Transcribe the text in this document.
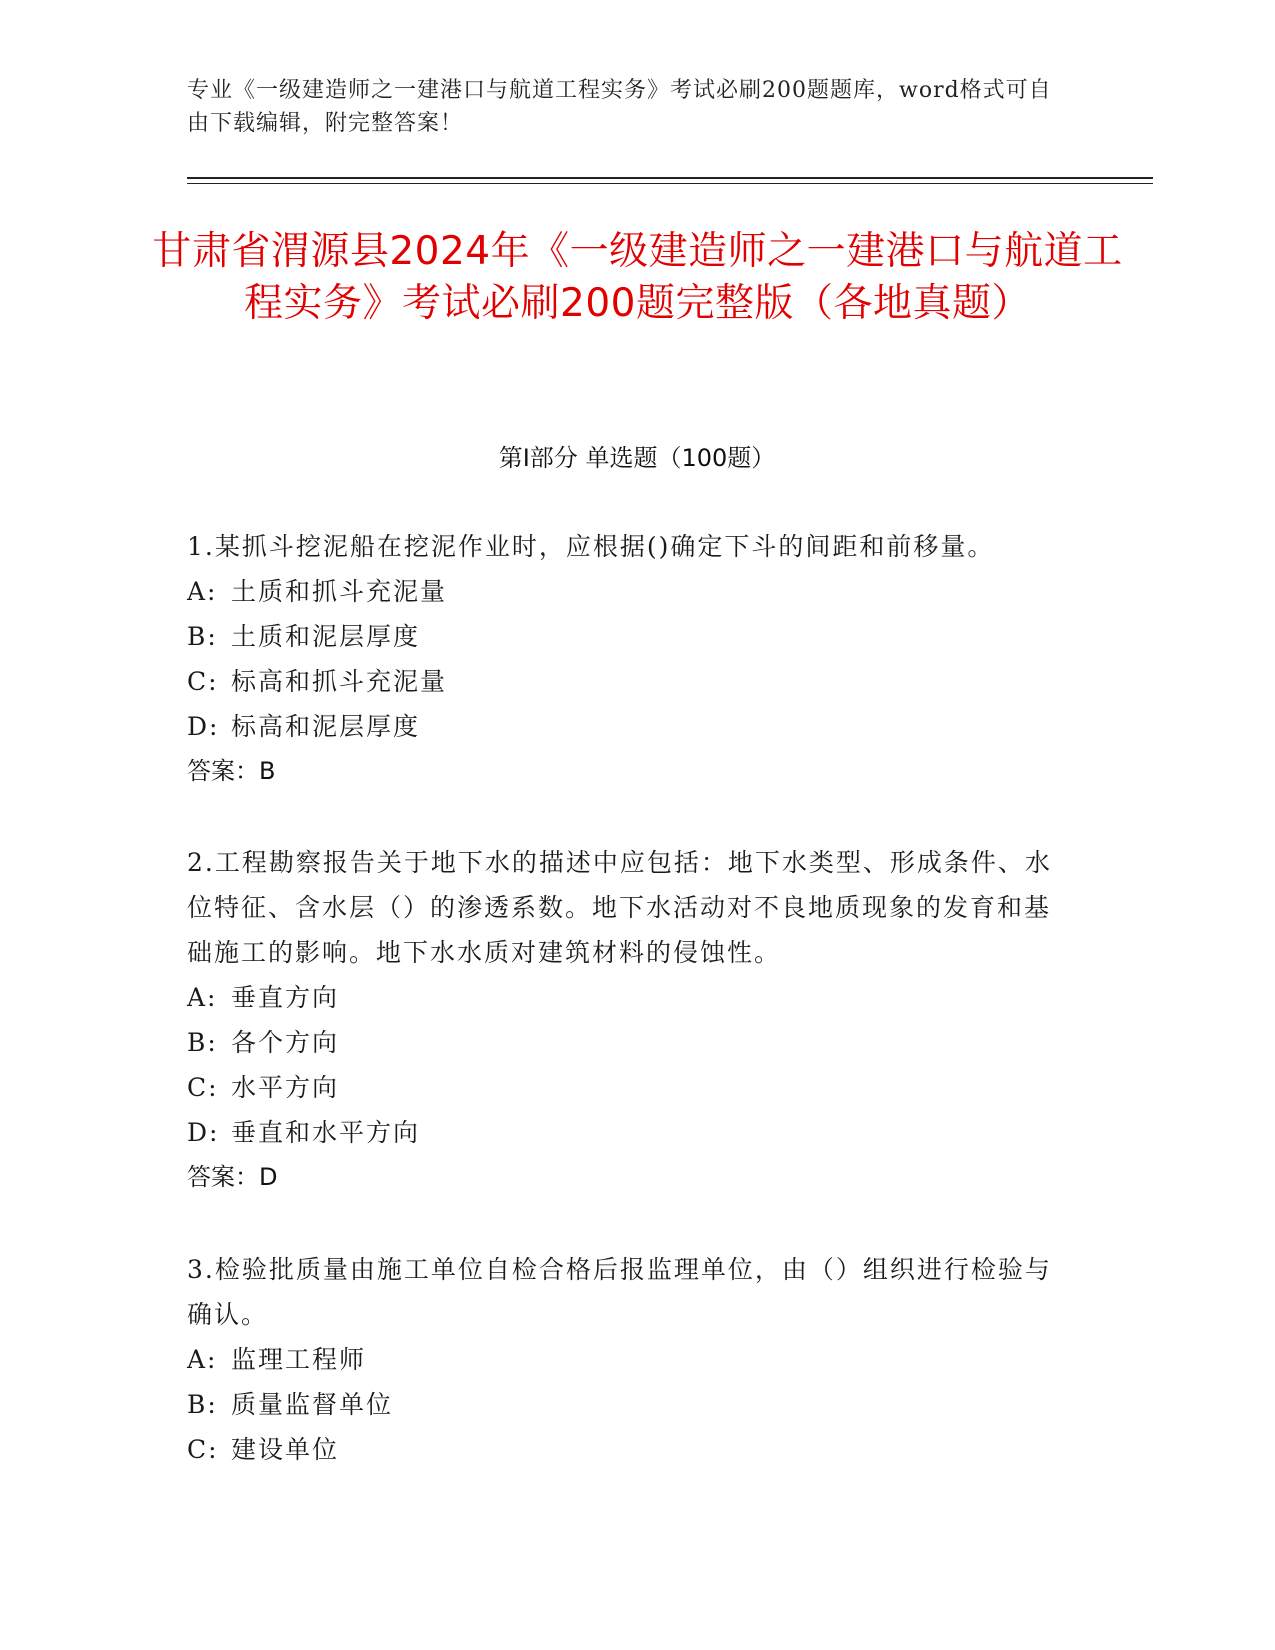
专业《一级建造师之一建港口与航道工程实务》考试必刷200题题库，word格式可自由下载编辑，附完整答案！
甘肃省渭源县2024年《一级建造师之一建港口与航道工程实务》考试必刷200题完整版（各地真题）
第Ⅰ部分 单选题（100题）

1.某抓斗挖泥船在挖泥作业时，应根据()确定下斗的间距和前移量。

A: 土质和抓斗充泥量

B: 土质和泥层厚度

C: 标高和抓斗充泥量

D: 标高和泥层厚度

答案：B

2.工程勘察报告关于地下水的描述中应包括：地下水类型、形成条件、水位特征、含水层（）的渗透系数。地下水活动对不良地质现象的发育和基础施工的影响。地下水水质对建筑材料的侵蚀性。

A: 垂直方向

B: 各个方向

C: 水平方向

D: 垂直和水平方向

答案：D

3.检验批质量由施工单位自检合格后报监理单位，由（）组织进行检验与确认。

A: 监理工程师

B: 质量监督单位

C: 建设单位
